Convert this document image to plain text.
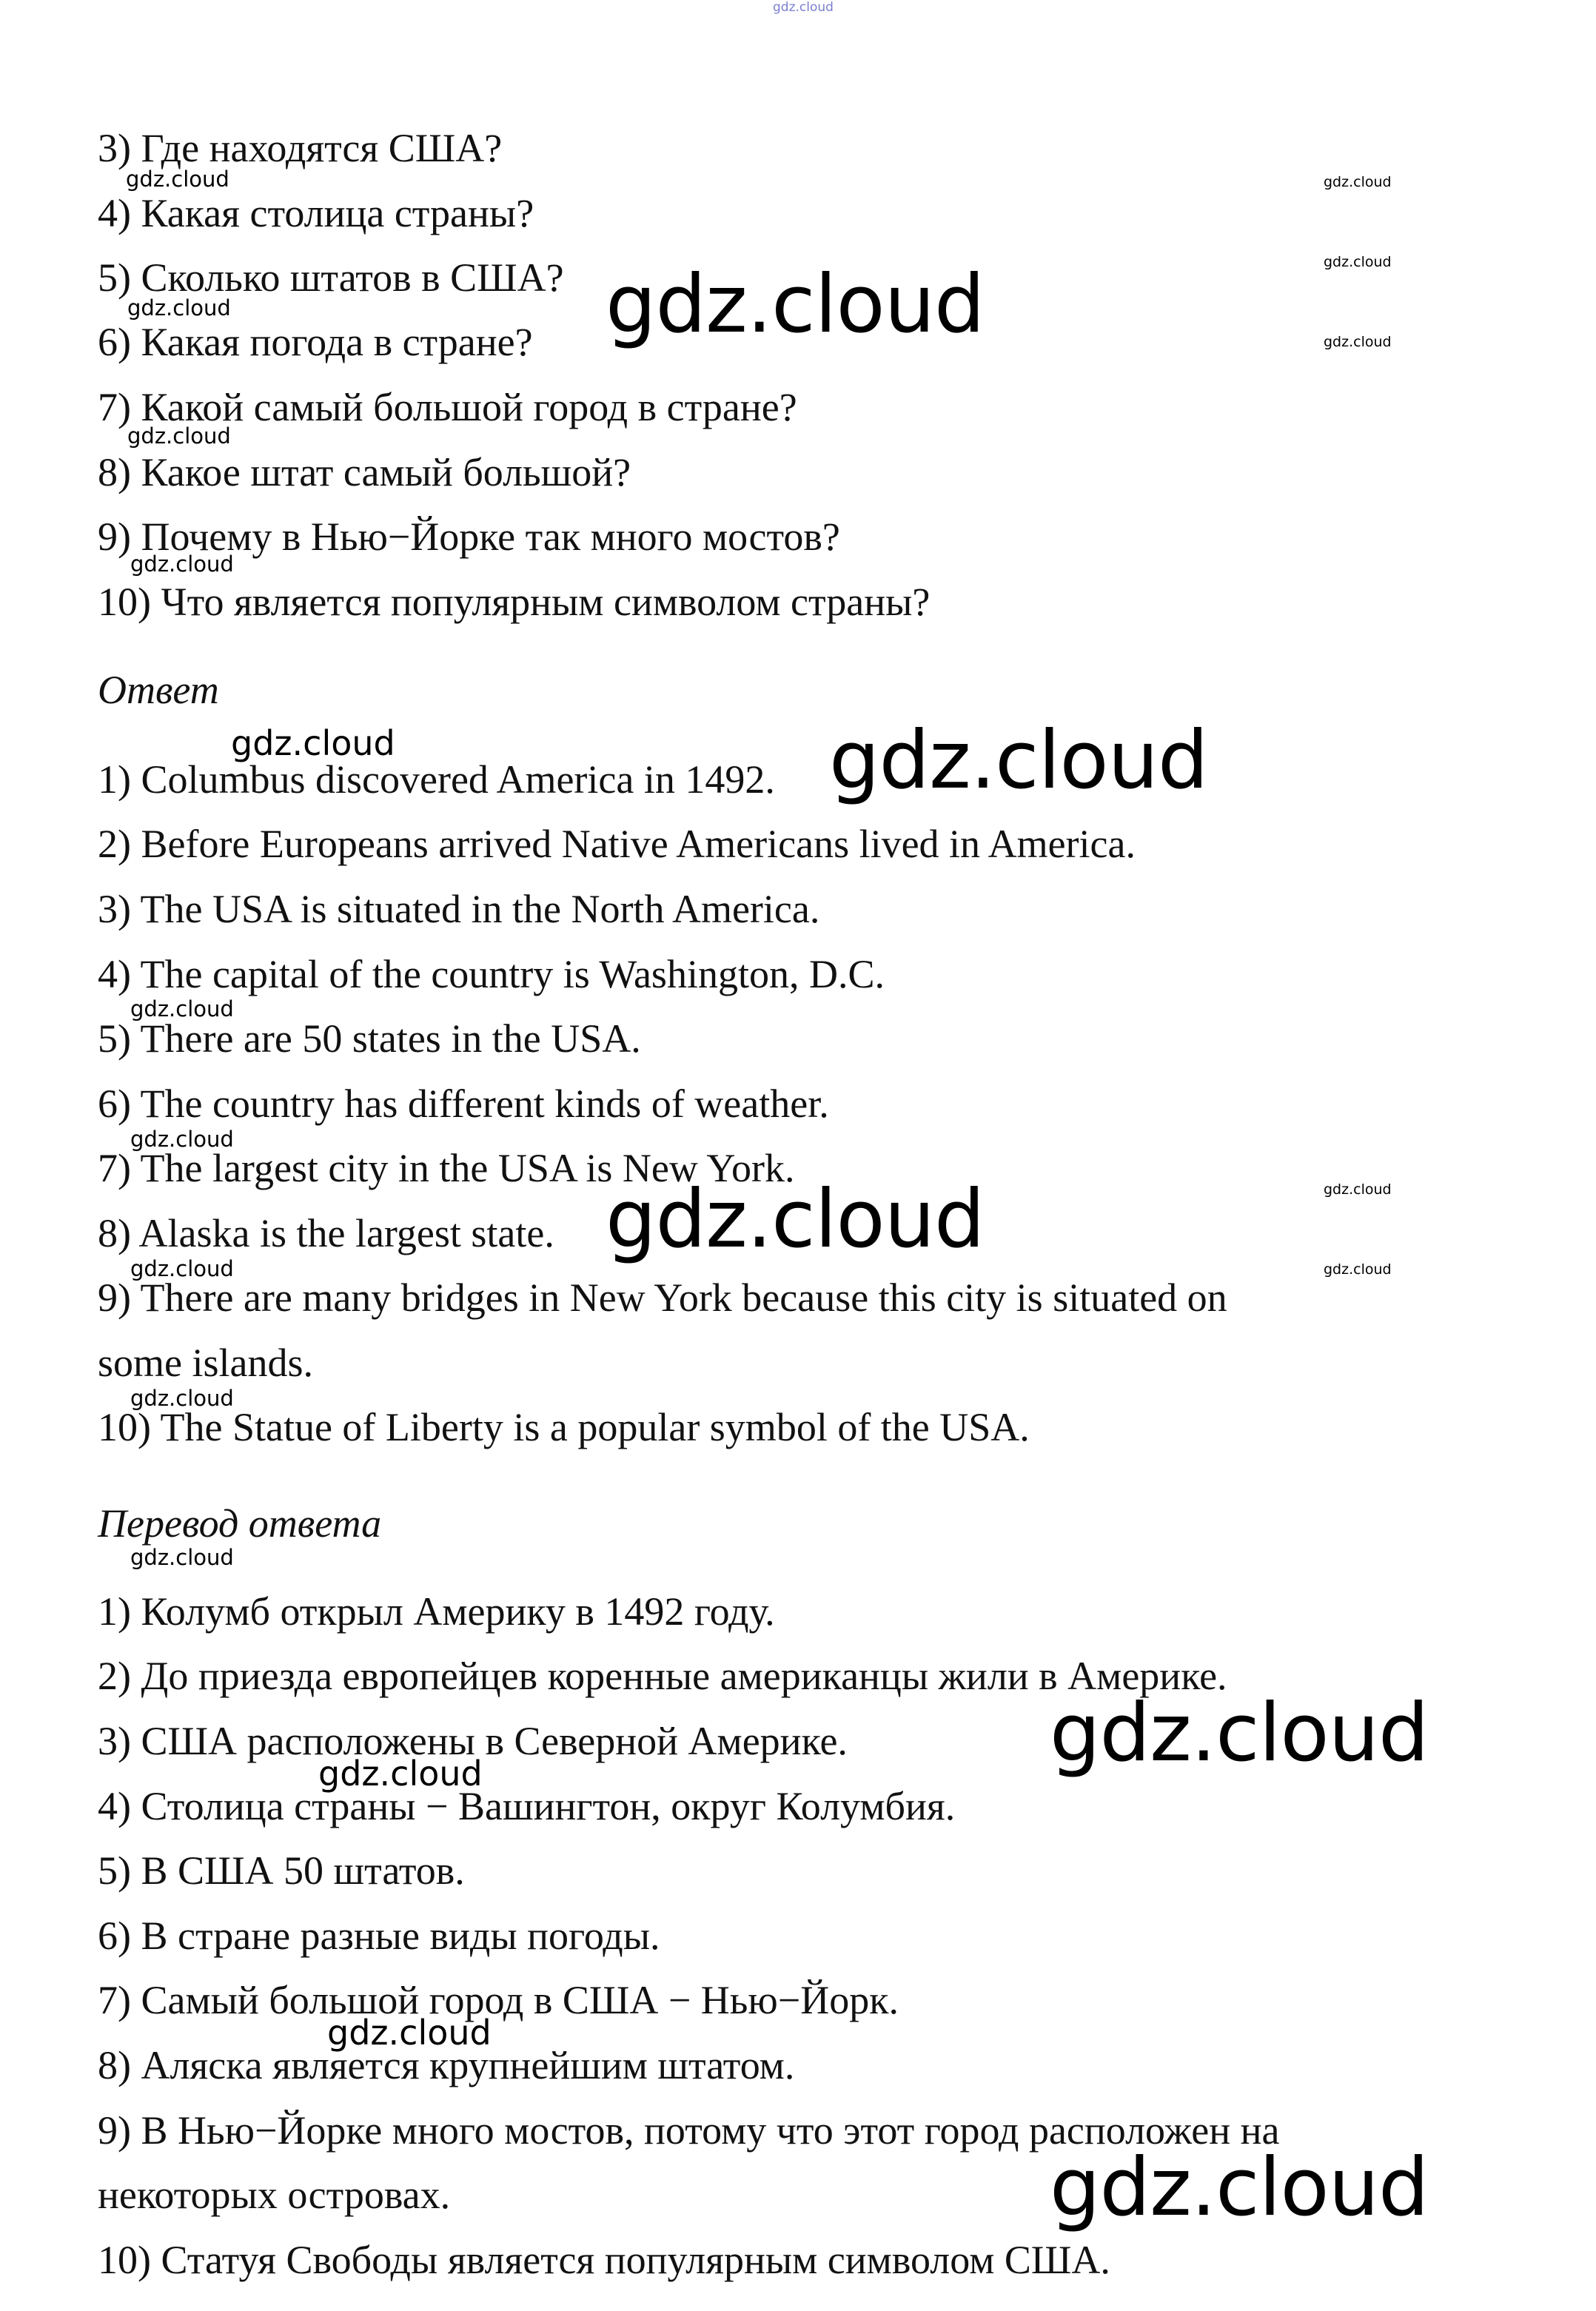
3) Где находятся США?

4) Какая столица страны?

5) Сколько штатов в США?

6) Какая погода в стране?

7) Какой самый большой город в стране?

8) Какое штат самый большой?

9) Почему в Нью−Йорке так много мостов?

10) Что является популярным символом страны?

Ответ

1) Columbus discovered America in 1492.

2) Before Europeans arrived Native Americans lived in America.

3) The USA is situated in the North America.

4) The capital of the country is Washington, D.C.

5) There are 50 states in the USA.

6) The country has different kinds of weather.

7) The largest city in the USA is New York.

8) Alaska is the largest state.

9) There are many bridges in New York because this city is situated on

some islands.

10) The Statue of Liberty is a popular symbol of the USA.

Перевод ответа

1) Колумб открыл Америку в 1492 году.

2) До приезда европейцев коренные американцы жили в Америке.

3) США расположены в Северной Америке.

4) Столица страны − Вашингтон, округ Колумбия.

5) В США 50 штатов.

6) В стране разные виды погоды.

7) Самый большой город в США − Нью−Йорк.

8) Аляска является крупнейшим штатом.

9) В Нью−Йорке много мостов, потому что этот город расположен на

некоторых островах.

10) Статуя Свободы является популярным символом США.

gdz.cloud
gdz.cloud
gdz.cloud
gdz.cloud
gdz.cloud
gdz.cloud
gdz.cloud
gdz.cloud
gdz.cloud
gdz.cloud
gdz.cloud
gdz.cloud
gdz.cloud
gdz.cloud
gdz.cloud
gdz.cloud
gdz.cloud
gdz.cloud
gdz.cloud
gdz.cloud
gdz.cloud
gdz.cloud
gdz.cloud
